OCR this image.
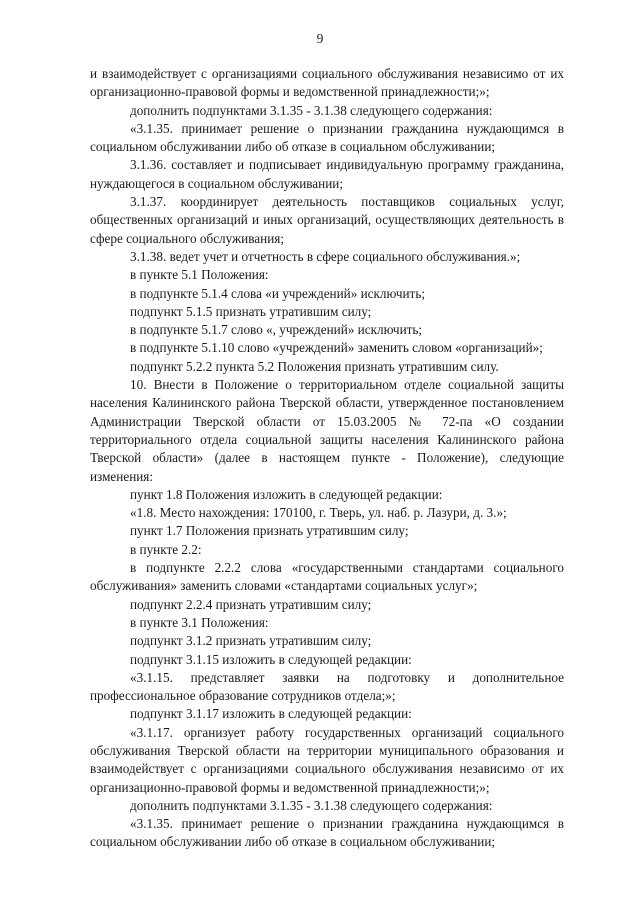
9

и взаимодействует с организациями социального обслуживания независимо от их организационно-правовой формы и ведомственной принадлежности;»;

дополнить подпунктами 3.1.35 - 3.1.38 следующего содержания:

«3.1.35. принимает решение о признании гражданина нуждающимся в социальном обслуживании либо об отказе в социальном обслуживании;

3.1.36. составляет и подписывает индивидуальную программу гражданина, нуждающегося в социальном обслуживании;

3.1.37. координирует деятельность поставщиков социальных услуг, общественных организаций и иных организаций, осуществляющих деятельность в сфере социального обслуживания;

3.1.38. ведет учет и отчетность в сфере социального обслуживания.»;

в пункте 5.1 Положения:

в подпункте 5.1.4 слова «и учреждений» исключить;

подпункт 5.1.5 признать утратившим силу;

в подпункте 5.1.7 слово «, учреждений» исключить;

в подпункте 5.1.10 слово «учреждений» заменить словом «организаций»;

подпункт 5.2.2 пункта 5.2 Положения признать утратившим силу.

10. Внести в Положение о территориальном отделе социальной защиты населения Калининского района Тверской области, утвержденное постановлением Администрации Тверской области от 15.03.2005 № 72-па «О создании территориального отдела социальной защиты населения Калининского района Тверской области» (далее в настоящем пункте - Положение), следующие изменения:

пункт 1.8 Положения изложить в следующей редакции:

«1.8. Место нахождения: 170100, г. Тверь, ул. наб. р. Лазури, д. 3.»;

пункт 1.7 Положения признать утратившим силу;

в пункте 2.2:

в подпункте 2.2.2 слова «государственными стандартами социального обслуживания» заменить словами «стандартами социальных услуг»;

подпункт 2.2.4 признать утратившим силу;

в пункте 3.1 Положения:

подпункт 3.1.2 признать утратившим силу;

подпункт 3.1.15 изложить в следующей редакции:

«3.1.15. представляет заявки на подготовку и дополнительное профессиональное образование сотрудников отдела;»;

подпункт 3.1.17 изложить в следующей редакции:

«3.1.17. организует работу государственных организаций социального обслуживания Тверской области на территории муниципального образования и взаимодействует с организациями социального обслуживания независимо от их организационно-правовой формы и ведомственной принадлежности;»;

дополнить подпунктами 3.1.35 - 3.1.38 следующего содержания:

«3.1.35. принимает решение о признании гражданина нуждающимся в социальном обслуживании либо об отказе в социальном обслуживании;
